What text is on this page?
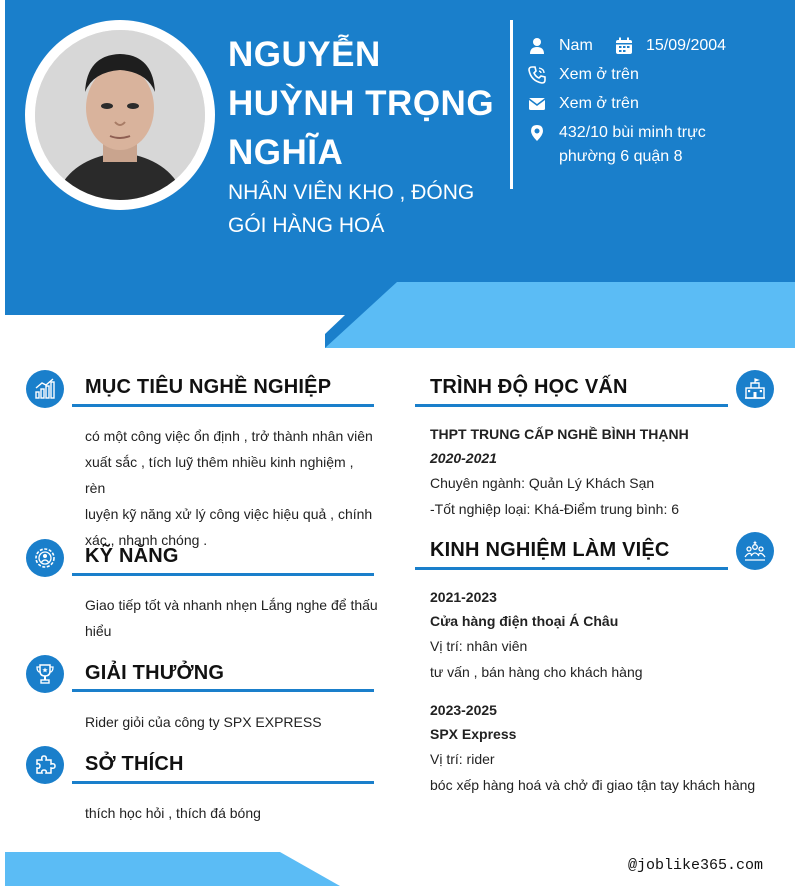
NGUYỄN
HUỲNH TRỌNG
NGHĨA
NHÂN VIÊN KHO , ĐÓNG
GÓI HÀNG HOÁ
Nam	15/09/2004
Xem ở trên
Xem ở trên
432/10 bùi minh trực
phường 6 quận 8
MỤC TIÊU NGHỀ NGHIỆP
có một công việc ổn định , trở thành nhân viên
xuất sắc , tích luỹ thêm nhiều kinh nghiệm , rèn
luyện kỹ năng xử lý công việc hiệu quả , chính
xác , nhanh chóng .
KỸ NĂNG
Giao tiếp tốt và nhanh nhẹn Lắng nghe để thấu
hiểu
GIẢI THƯỞNG
Rider giỏi của công ty SPX EXPRESS
SỞ THÍCH
thích học hỏi , thích đá bóng
TRÌNH ĐỘ HỌC VẤN
THPT TRUNG CẤP NGHỀ BÌNH THẠNH
2020-2021
Chuyên ngành: Quản Lý Khách Sạn
-Tốt nghiệp loại: Khá-Điểm trung bình: 6
KINH NGHIỆM LÀM VIỆC
2021-2023
Cửa hàng điện thoại Á Châu
Vị trí: nhân viên
tư vấn , bán hàng cho khách hàng
2023-2025
SPX Express
Vị trí: rider
bóc xếp hàng hoá và chở đi giao tận tay khách hàng
@joblike365.com
